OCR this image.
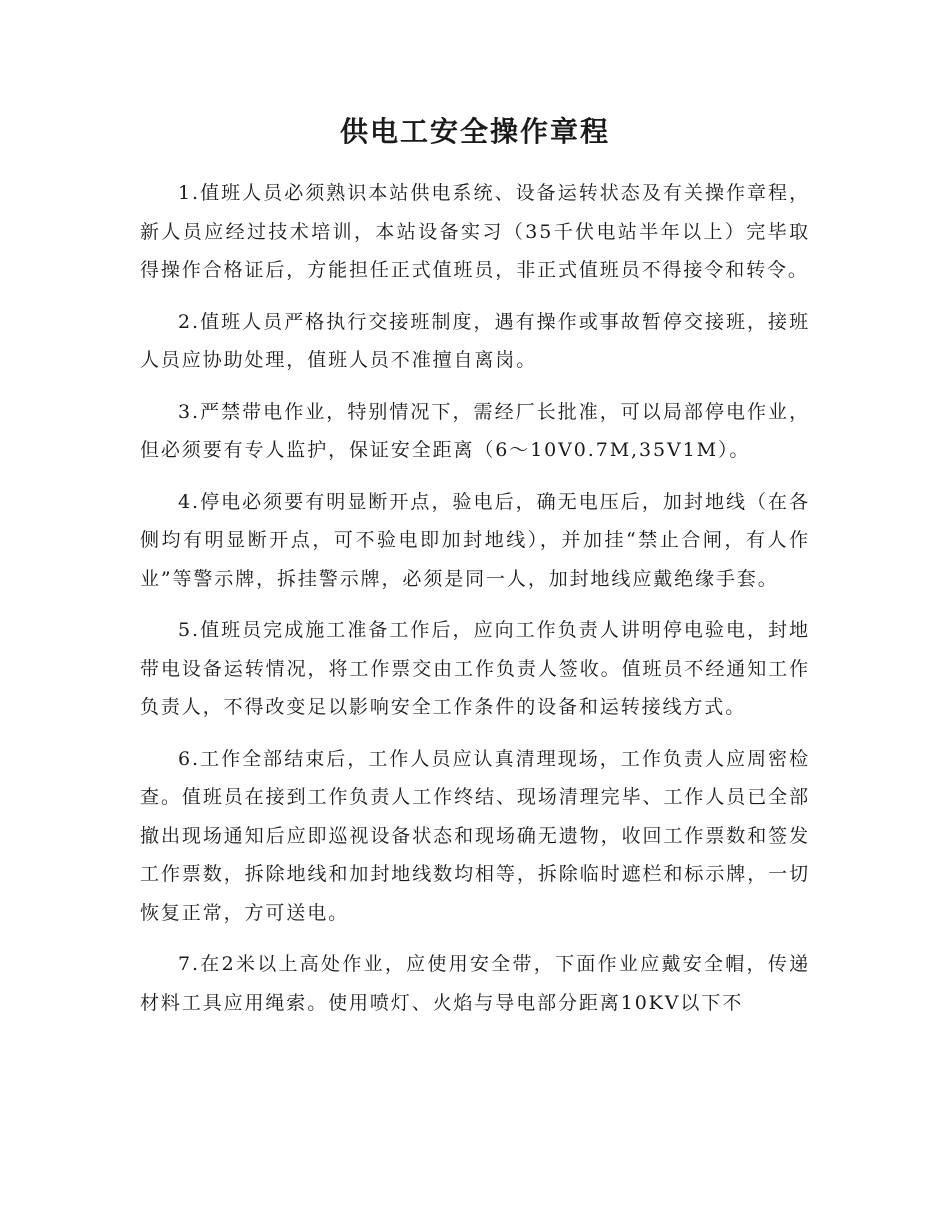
供电工安全操作章程

1.值班人员必须熟识本站供电系统、设备运转状态及有关操作章程，新人员应经过技术培训，本站设备实习（35千伏电站半年以上）完毕取得操作合格证后，方能担任正式值班员，非正式值班员不得接令和转令。

2.值班人员严格执行交接班制度，遇有操作或事故暂停交接班，接班人员应协助处理，值班人员不准擅自离岗。

3.严禁带电作业，特别情况下，需经厂长批准，可以局部停电作业，但必须要有专人监护，保证安全距离（6～10V0.7M,35V1M）。

4.停电必须要有明显断开点，验电后，确无电压后，加封地线（在各侧均有明显断开点，可不验电即加封地线），并加挂“禁止合闸，有人作业”等警示牌，拆挂警示牌，必须是同一人，加封地线应戴绝缘手套。

5.值班员完成施工准备工作后，应向工作负责人讲明停电验电，封地带电设备运转情况，将工作票交由工作负责人签收。值班员不经通知工作负责人，不得改变足以影响安全工作条件的设备和运转接线方式。

6.工作全部结束后，工作人员应认真清理现场，工作负责人应周密检查。值班员在接到工作负责人工作终结、现场清理完毕、工作人员已全部撤出现场通知后应即巡视设备状态和现场确无遗物，收回工作票数和签发工作票数，拆除地线和加封地线数均相等，拆除临时遮栏和标示牌，一切恢复正常，方可送电。

7.在2米以上高处作业，应使用安全带，下面作业应戴安全帽，传递材料工具应用绳索。使用喷灯、火焰与导电部分距离10KV以下不
